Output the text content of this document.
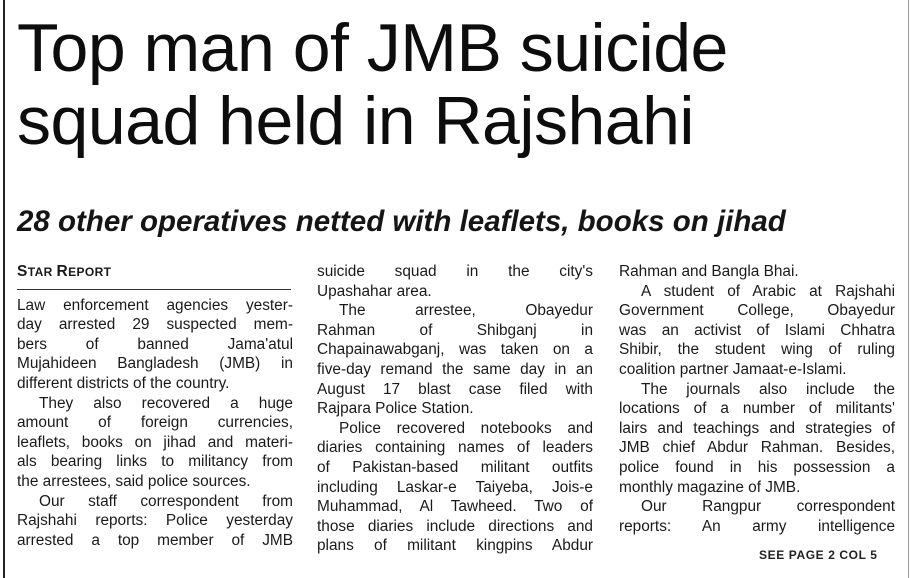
Top man of JMB suicide
squad held in Rajshahi
28 other operatives netted with leaflets, books on jihad
STAR REPORT
Law enforcement agencies yester-
day arrested 29 suspected mem-
bers of banned Jama'atul
Mujahideen Bangladesh (JMB) in
different districts of the country.
They also recovered a huge
amount of foreign currencies,
leaflets, books on jihad and materi-
als bearing links to militancy from
the arrestees, said police sources.
Our staff correspondent from
Rajshahi reports: Police yesterday
arrested a top member of JMB
suicide squad in the city's
Upashahar area.
The arrestee, Obayedur
Rahman of Shibganj in
Chapainawabganj, was taken on a
five-day remand the same day in an
August 17 blast case filed with
Rajpara Police Station.
Police recovered notebooks and
diaries containing names of leaders
of Pakistan-based militant outfits
including Laskar-e Taiyeba, Jois-e
Muhammad, Al Tawheed. Two of
those diaries include directions and
plans of militant kingpins Abdur
Rahman and Bangla Bhai.
A student of Arabic at Rajshahi
Government College, Obayedur
was an activist of Islami Chhatra
Shibir, the student wing of ruling
coalition partner Jamaat-e-Islami.
The journals also include the
locations of a number of militants'
lairs and teachings and strategies of
JMB chief Abdur Rahman. Besides,
police found in his possession a
monthly magazine of JMB.
Our Rangpur correspondent
reports: An army intelligence
SEE PAGE 2 COL 5
